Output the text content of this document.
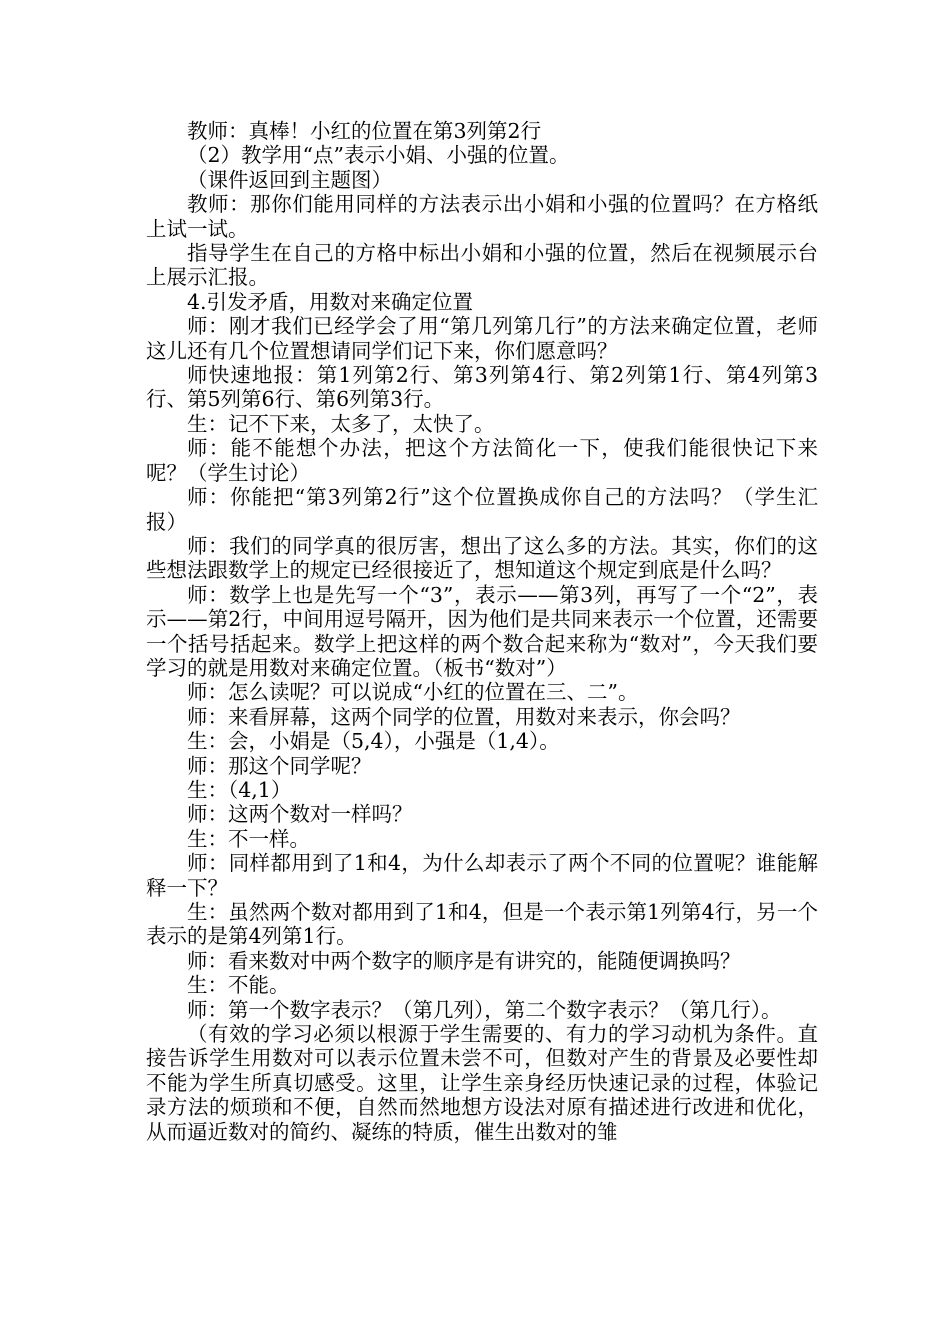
教师：真棒！小红的位置在第3列第2行

（2）教学用“点”表示小娟、小强的位置。

（课件返回到主题图）

教师：那你们能用同样的方法表示出小娟和小强的位置吗？在方格纸上试一试。

指导学生在自己的方格中标出小娟和小强的位置，然后在视频展示台上展示汇报。

4.引发矛盾，用数对来确定位置

师：刚才我们已经学会了用“第几列第几行”的方法来确定位置，老师这儿还有几个位置想请同学们记下来，你们愿意吗？

师快速地报：第1列第2行、第3列第4行、第2列第1行、第4列第3行、第5列第6行、第6列第3行。

生：记不下来，太多了，太快了。

师：能不能想个办法，把这个方法简化一下，使我们能很快记下来呢？（学生讨论）

师：你能把“第3列第2行”这个位置换成你自己的方法吗？（学生汇报）

师：我们的同学真的很厉害，想出了这么多的方法。其实，你们的这些想法跟数学上的规定已经很接近了，想知道这个规定到底是什么吗？

师：数学上也是先写一个“3”，表示——第3列，再写了一个“2”，表示——第2行，中间用逗号隔开，因为他们是共同来表示一个位置，还需要一个括号括起来。数学上把这样的两个数合起来称为“数对”，今天我们要学习的就是用数对来确定位置。（板书“数对”）

师：怎么读呢？可以说成“小红的位置在三、二”。

师：来看屏幕，这两个同学的位置，用数对来表示，你会吗？

生：会，小娟是（5,4），小强是（1,4）。

师：那这个同学呢？

生：（4,1）

师：这两个数对一样吗？

生：不一样。

师：同样都用到了1和4，为什么却表示了两个不同的位置呢？谁能解释一下？

生：虽然两个数对都用到了1和4，但是一个表示第1列第4行，另一个表示的是第4列第1行。

师：看来数对中两个数字的顺序是有讲究的，能随便调换吗？

生：不能。

师：第一个数字表示？（第几列），第二个数字表示？（第几行）。

（有效的学习必须以根源于学生需要的、有力的学习动机为条件。直接告诉学生用数对可以表示位置未尝不可，但数对产生的背景及必要性却不能为学生所真切感受。这里，让学生亲身经历快速记录的过程，体验记录方法的烦琐和不便，自然而然地想方设法对原有描述进行改进和优化，从而逼近数对的简约、凝练的特质，催生出数对的雏
